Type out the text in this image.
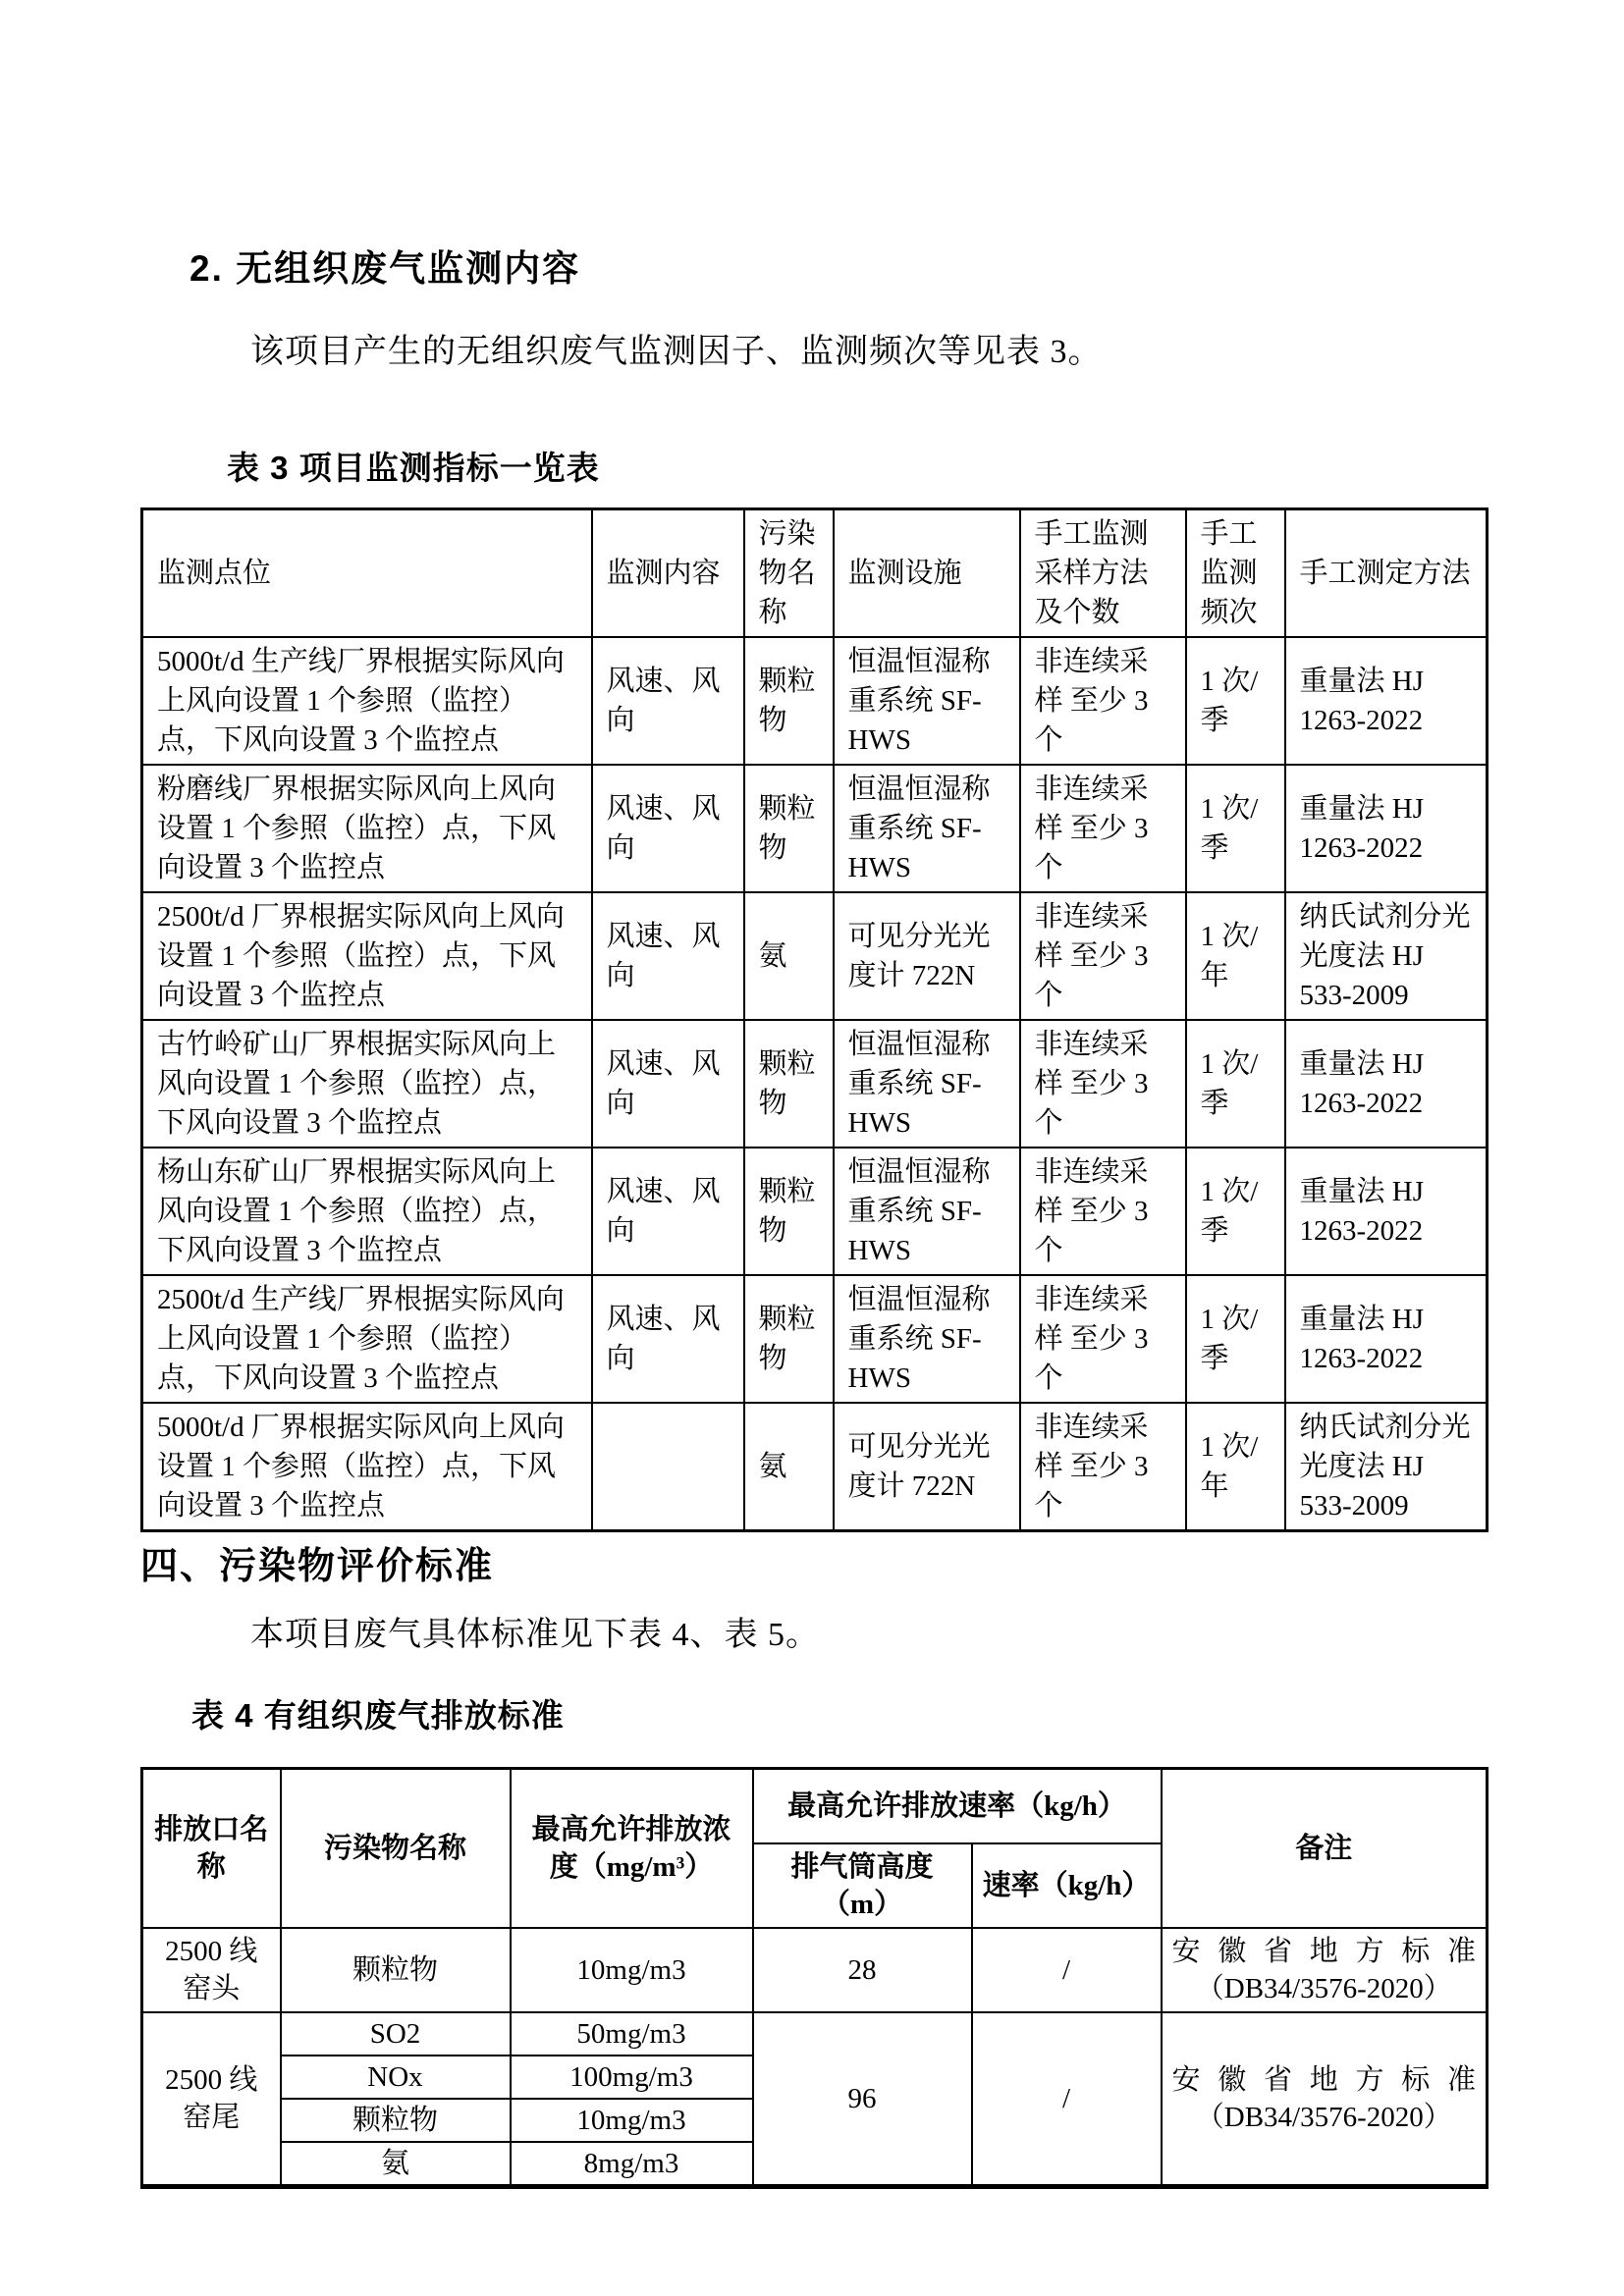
2. 无组织废气监测内容
该项目产生的无组织废气监测因子、监测频次等见表 3。
表 3 项目监测指标一览表
监测点位	监测内容	污染物名称	监测设施	手工监测采样方法及个数	手工监测频次	手工测定方法
5000t/d 生产线厂界根据实际风向上风向设置 1 个参照（监控）点，下风向设置 3 个监控点	风速、风向	颗粒物	恒温恒湿称重系统 SF-HWS	非连续采样 至少 3 个	1 次/季	重量法 HJ 1263-2022
粉磨线厂界根据实际风向上风向设置 1 个参照（监控）点，下风向设置 3 个监控点	风速、风向	颗粒物	恒温恒湿称重系统 SF-HWS	非连续采样 至少 3 个	1 次/季	重量法 HJ 1263-2022
2500t/d 厂界根据实际风向上风向设置 1 个参照（监控）点，下风向设置 3 个监控点	风速、风向	氨	可见分光光度计 722N	非连续采样 至少 3 个	1 次/年	纳氏试剂分光光度法 HJ 533-2009
古竹岭矿山厂界根据实际风向上风向设置 1 个参照（监控）点，下风向设置 3 个监控点	风速、风向	颗粒物	恒温恒湿称重系统 SF-HWS	非连续采样 至少 3 个	1 次/季	重量法 HJ 1263-2022
杨山东矿山厂界根据实际风向上风向设置 1 个参照（监控）点，下风向设置 3 个监控点	风速、风向	颗粒物	恒温恒湿称重系统 SF-HWS	非连续采样 至少 3 个	1 次/季	重量法 HJ 1263-2022
2500t/d 生产线厂界根据实际风向上风向设置 1 个参照（监控）点，下风向设置 3 个监控点	风速、风向	颗粒物	恒温恒湿称重系统 SF-HWS	非连续采样 至少 3 个	1 次/季	重量法 HJ 1263-2022
5000t/d 厂界根据实际风向上风向设置 1 个参照（监控）点，下风向设置 3 个监控点		氨	可见分光光度计 722N	非连续采样 至少 3 个	1 次/年	纳氏试剂分光光度法 HJ 533-2009
四、污染物评价标准
本项目废气具体标准见下表 4、表 5。
表 4 有组织废气排放标准
排放口名称	污染物名称	最高允许排放浓度（mg/m³）	最高允许排放速率（kg/h）		备注
			排气筒高度（m）	速率（kg/h）	
2500 线窑头	颗粒物	10mg/m3	28	/	安徽省地方标准（DB34/3576-2020）
2500 线窑尾	SO2	50mg/m3	96	/	安徽省地方标准（DB34/3576-2020）
	NOx	100mg/m3			
	颗粒物	10mg/m3			
	氨	8mg/m3			
